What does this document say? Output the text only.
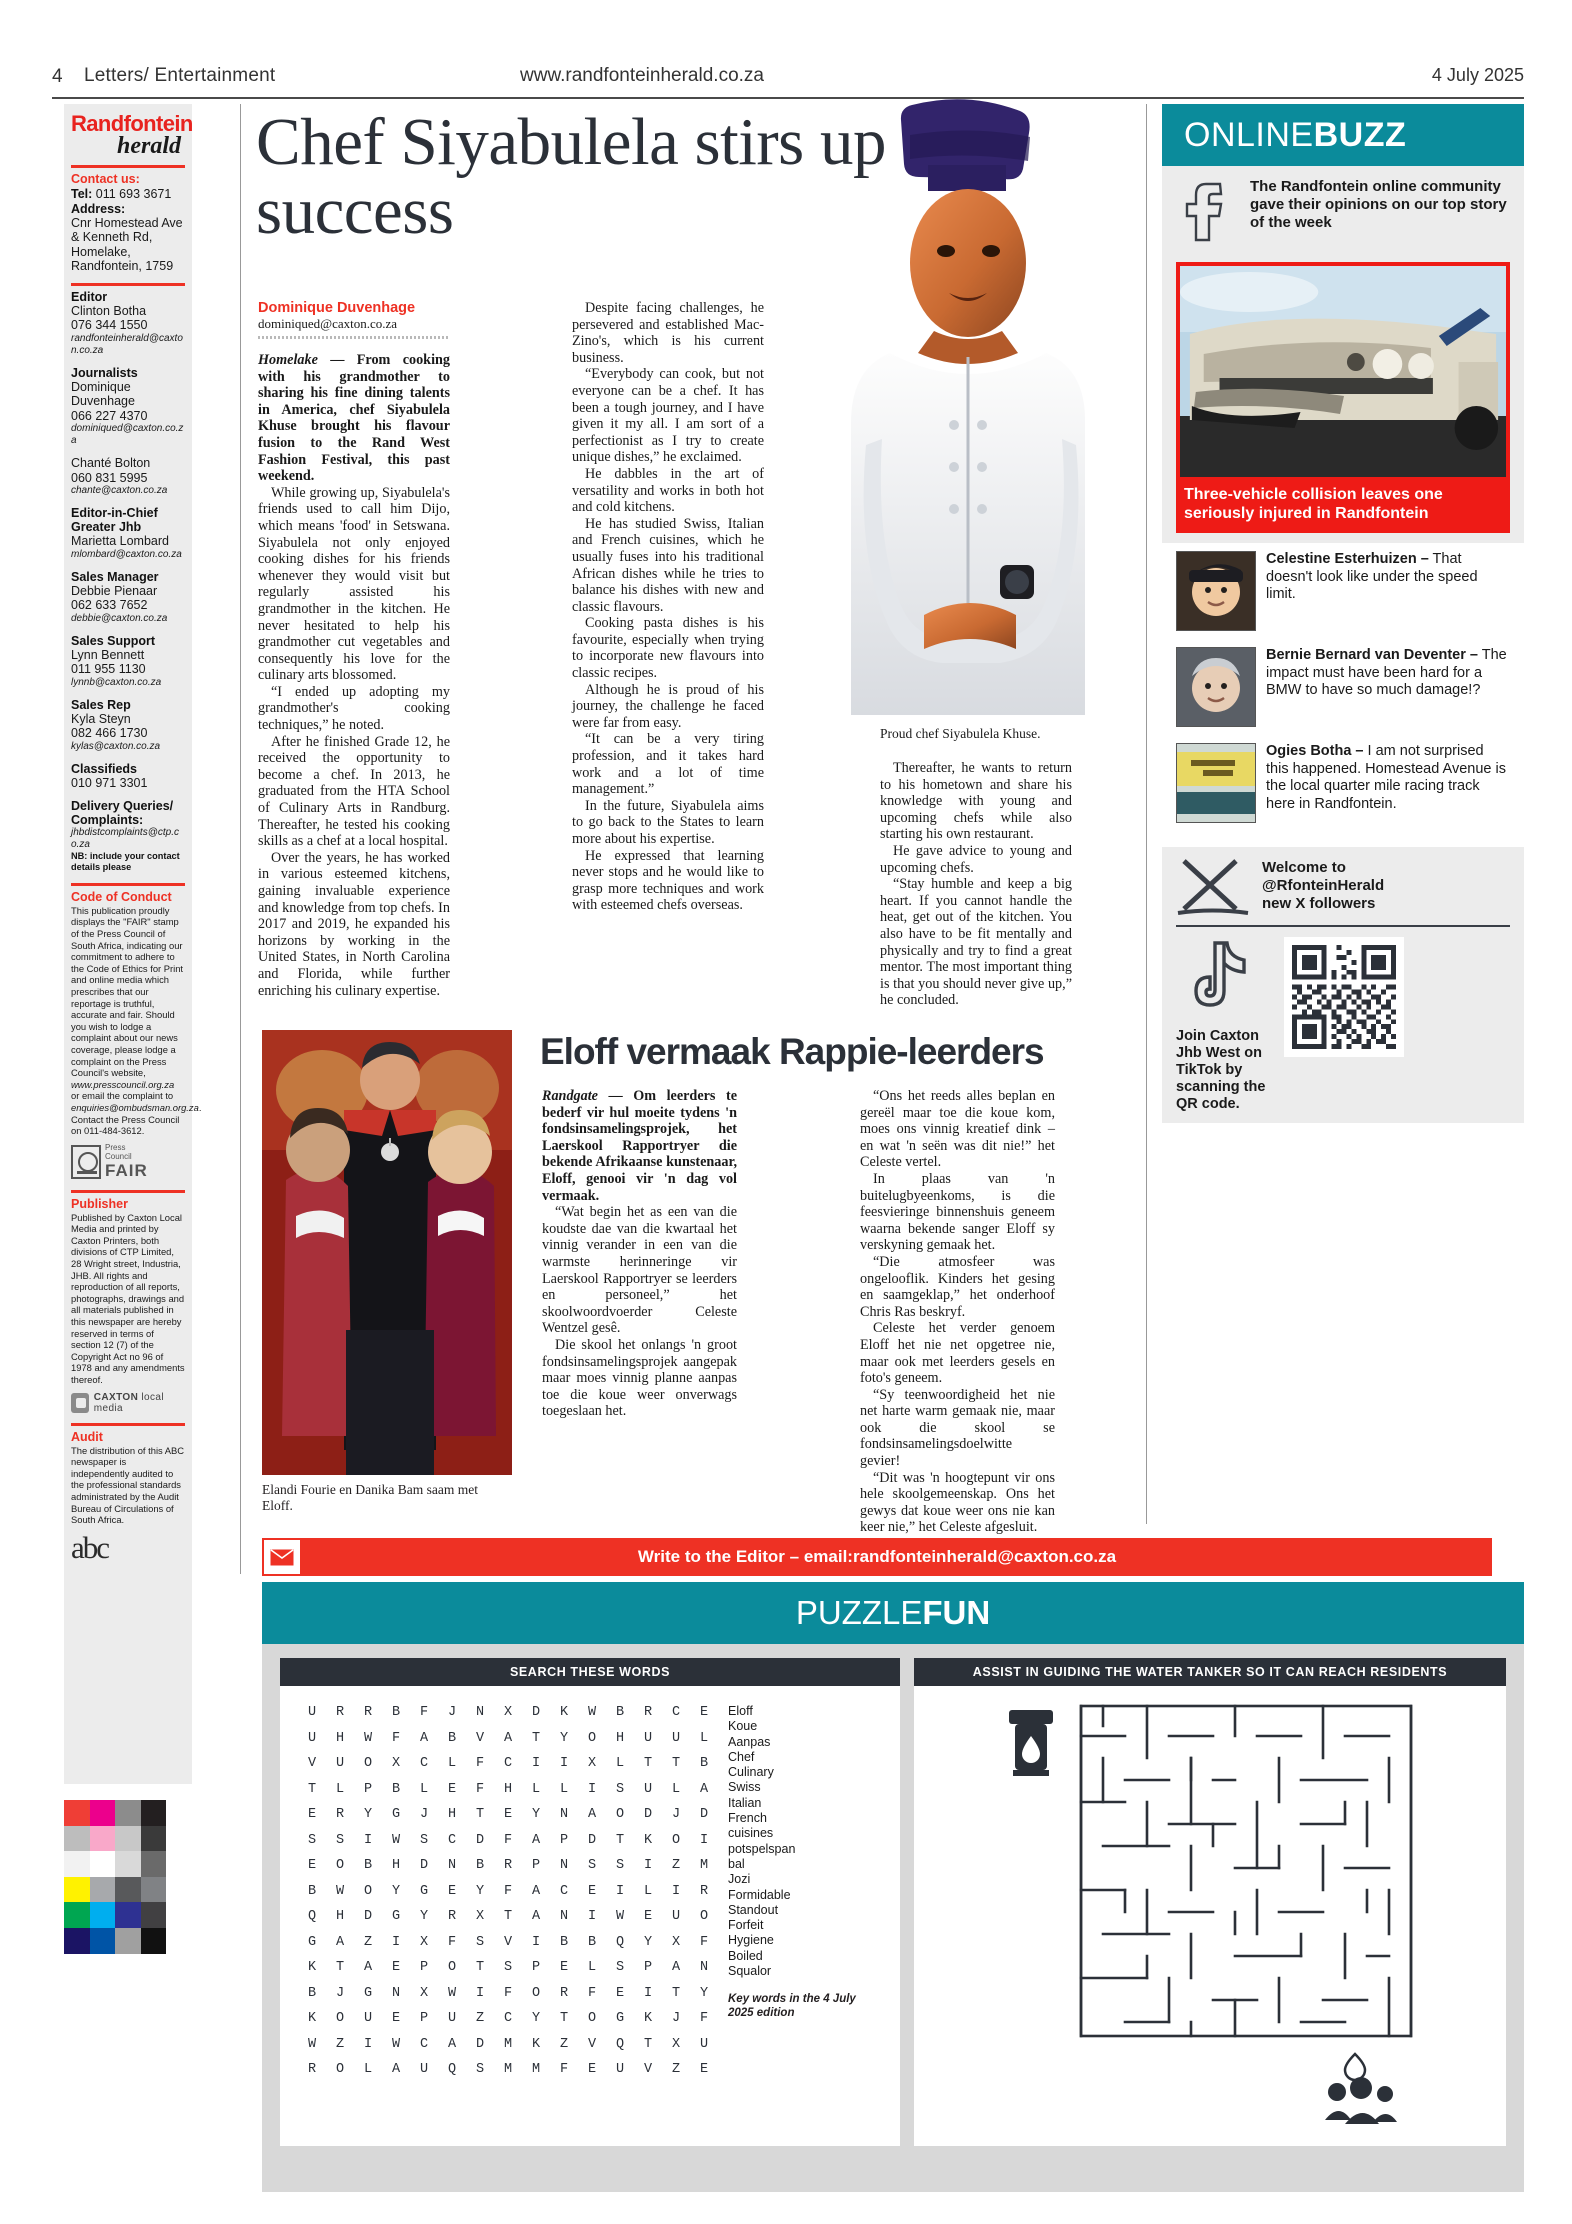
4 Letters/ Entertainment	www.randfonteinherald.co.za	4 July 2025
Randfontein
herald
Contact us:
Tel: 011 693 3671
Address:
Cnr Homestead Ave & Kenneth Rd, Homelake, Randfontein, 1759
Editor
Clinton Botha
076 344 1550
randfonteinherald@caxton.co.za
Journalists
Dominique Duvenhage
066 227 4370
dominiqued@caxton.co.za
Chanté Bolton
060 831 5995
chante@caxton.co.za
Editor-in-Chief Greater Jhb
Marietta Lombard
mlombard@caxton.co.za
Sales Manager
Debbie Pienaar
062 633 7652
debbie@caxton.co.za
Sales Support
Lynn Bennett
011 955 1130
lynnb@caxton.co.za
Sales Rep
Kyla Steyn
082 466 1730
kylas@caxton.co.za
Classifieds
010 971 3301
Delivery Queries/ Complaints:
jhbdistcomplaints@ctp.co.za
NB: include your contact details please
Code of Conduct
This publication proudly displays the "FAIR" stamp of the Press Council of South Africa, indicating our commitment to adhere to the Code of Ethics for Print and online media which prescribes that our reportage is truthful, accurate and fair. Should you wish to lodge a complaint about our news coverage, please lodge a complaint on the Press Council's website, www.presscouncil.org.za or email the complaint to enquiries@ombudsman.org.za. Contact the Press Council on 011-484-3612.
Press
Council
FAIR
Publisher
Published by Caxton Local Media and printed by Caxton Printers, both divisions of CTP Limited, 28 Wright street, Industria, JHB. All rights and reproduction of all reports, photographs, drawings and all materials published in this newspaper are hereby reserved in terms of section 12 (7) of the Copyright Act no 96 of 1978 and any amendments thereof.
CAXTON local media
Audit
The distribution of this ABC newspaper is independently audited to the professional standards administrated by the Audit Bureau of Circulations of South Africa.
abc
Chef Siyabulela stirs up success
Dominique Duvenhage
dominiqued@caxton.co.za

Homelake — From cooking with his grandmother to sharing his fine dining talents in America, chef Siyabulela Khuse brought his flavour fusion to the Rand West Fashion Festival, this past weekend.

While growing up, Siyabulela's friends used to call him Dijo, which means 'food' in Setswana. Siyabulela not only enjoyed cooking dishes for his friends whenever they would visit but regularly assisted his grandmother in the kitchen. He never hesitated to help his grandmother cut vegetables and consequently his love for the culinary arts blossomed.

“I ended up adopting my grandmother's cooking techniques,” he noted.

After he finished Grade 12, he received the opportunity to become a chef. In 2013, he graduated from the HTA School of Culinary Arts in Randburg. Thereafter, he tested his cooking skills as a chef at a local hospital.

Over the years, he has worked in various esteemed kitchens, gaining invaluable experience and knowledge from top chefs. In 2017 and 2019, he expanded his horizons by working in the United States, in North Carolina and Florida, while further enriching his culinary expertise.

Despite facing challenges, he persevered and established Mac-Zino's, which is his current business.

“Everybody can cook, but not everyone can be a chef. It has been a tough journey, and I have given it my all. I am sort of a perfectionist as I try to create unique dishes,” he exclaimed.

He dabbles in the art of versatility and works in both hot and cold kitchens.

He has studied Swiss, Italian and French cuisines, which he usually fuses into his traditional African dishes while he tries to balance his dishes with new and classic flavours.

Cooking pasta dishes is his favourite, especially when trying to incorporate new flavours into classic recipes.

Although he is proud of his journey, the challenge he faced were far from easy.

“It can be a very tiring profession, and it takes hard work and a lot of time management.”

In the future, Siyabulela aims to go back to the States to learn more about his expertise.

He expressed that learning never stops and he would like to grasp more techniques and work with esteemed chefs overseas.

Thereafter, he wants to return to his hometown and share his knowledge with young and upcoming chefs while also starting his own restaurant.

He gave advice to young and upcoming chefs.

“Stay humble and keep a big heart. If you cannot handle the heat, get out of the kitchen. You also have to be fit mentally and physically and try to find a great mentor. The most important thing is that you should never give up,” he concluded.

Proud chef Siyabulela Khuse.
Eloff vermaak Rappie-leerders

Randgate — Om leerders te bederf vir hul moeite tydens 'n fondsinsamelingsprojek, het Laerskool Rapportryer die bekende Afrikaanse kunstenaar, Eloff, genooi vir 'n dag vol vermaak.

“Wat begin het as een van die koudste dae van die kwartaal het vinnig verander in een van die warmste herinneringe vir Laerskool Rapportryer se leerders en personeel,” het skoolwoordvoerder Celeste Wentzel gesê.

Die skool het onlangs 'n groot fondsinsamelingsprojek aangepak maar moes vinnig planne aanpas toe die koue weer onverwags toegeslaan het.

“Ons het reeds alles beplan en gereël maar toe die koue kom, moes ons vinnig kreatief dink – en wat 'n seën was dit nie!” het Celeste vertel.

In plaas van 'n buitelugbyeenkoms, is die feesvieringe binnenshuis geneem waarna bekende sanger Eloff sy verskyning gemaak het.

“Die atmosfeer was ongelooflik. Kinders het gesing en saamgeklap,” het onderhoof Chris Ras beskryf.

Celeste het verder genoem Eloff het nie net opgetree nie, maar ook met leerders gesels en foto's geneem.

“Sy teenwoordigheid het nie net harte warm gemaak nie, maar ook die skool se fondsinsamelingsdoelwitte gevier!

“Dit was 'n hoogtepunt vir ons hele skoolgemeenskap. Ons het gewys dat koue weer ons nie kan keer nie,” het Celeste afgesluit.

Elandi Fourie en Danika Bam saam met Eloff.
Write to the Editor – email:randfonteinherald@caxton.co.za
ONLINE BUZZ

The Randfontein online community gave their opinions on our top story of the week

Three-vehicle collision leaves one seriously injured in Randfontein
Celestine Esterhuizen – That doesn't look like under the speed limit.
Bernie Bernard van Deventer – The impact must have been hard for a BMW to have so much damage!?
Ogies Botha – I am not surprised this happened. Homestead Avenue is the local quarter mile racing track here in Randfontein.
Welcome to
@RfonteinHerald
new X followers
Join Caxton Jhb West on TikTok by scanning the QR code.
PUZZLE FUN
SEARCH THESE WORDS
U	R	R	B	F	J	N	X	D	K	W	B	R	C	E
U	H	W	F	A	B	V	A	T	Y	O	H	U	U	L
V	U	O	X	C	L	F	C	I	I	X	L	T	T	B
T	L	P	B	L	E	F	H	L	L	I	S	U	L	A
E	R	Y	G	J	H	T	E	Y	N	A	O	D	J	D
S	S	I	W	S	C	D	F	A	P	D	T	K	O	I
E	O	B	H	D	N	B	R	P	N	S	S	I	Z	M
B	W	O	Y	G	E	Y	F	A	C	E	I	L	I	R
Q	H	D	G	Y	R	X	T	A	N	I	W	E	U	O
G	A	Z	I	X	F	S	V	I	B	B	Q	Y	X	F
K	T	A	E	P	O	T	S	P	E	L	S	P	A	N
B	J	G	N	X	W	I	F	O	R	F	E	I	T	Y
K	O	U	E	P	U	Z	C	Y	T	O	G	K	J	F
W	Z	I	W	C	A	D	M	K	Z	V	Q	T	X	U
R	O	L	A	U	Q	S	M	M	F	E	U	V	Z	E
Eloff
Koue
Aanpas
Chef
Culinary
Swiss
Italian
French
cuisines
potspelspan
bal
Jozi
Formidable
Standout
Forfeit
Hygiene
Boiled
Squalor
Key words in the 4 July 2025 edition
ASSIST IN GUIDING THE WATER TANKER SO IT CAN REACH RESIDENTS
